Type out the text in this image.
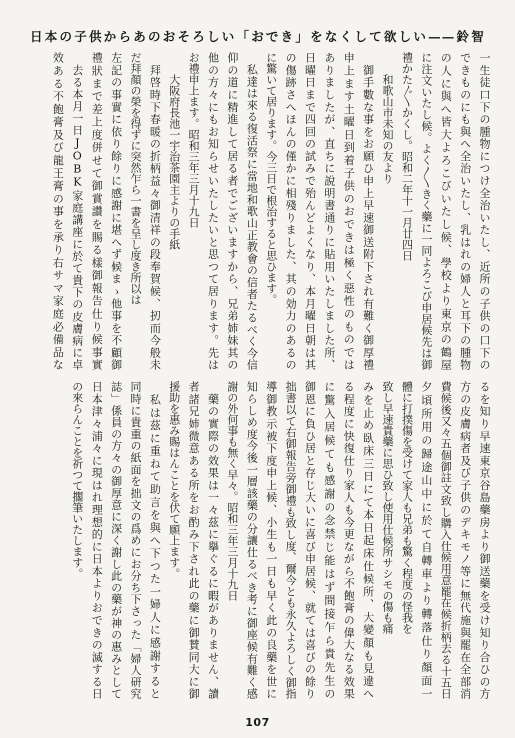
日本の子供からあのおそろしい「おでき」をなくして欲しい——鈴智
一生徒口下の腫物につけ全治いたし、近所の子供の口下の
できものにも與へ全治いたし、乳はれの婦人と耳下の腫物
の人に與へ皆大よろこびいたし候、學校より東京の鶴屋
に注文いたし候。よく〳〵きく藥に一同よろこび申居候先は御
禮かた〴〵かくし。昭和二年十一月廿四日
　　和歌山市未知の友より
　御手數な事をお願ひ申上早速御送附下され有難く御厚禮
申上ます土曜日到着子供のおできは極く惡性のものでは
ありましたが、直ちに說明書通りに貼用いたしました所、
日曜日まで四回の試みで殆んどよくなり、本月曜日朝は其
の傷跡さへほんの僅かに相殘りました、其の効力のあるの
に驚いて居ります。今三日で根治すると思ひます。
　私達は來る復活祭に當地和歌山正教會の信者たるべく今信
仰の道に精進して居る者でございますから、兄弟姉妹其の
他の方々にもお知らせいたしたいと思つて居ります。先は
お禮申上ます。昭和三年三月十九日
　　大阪府長池一宇治茶園主よりの手紙
　拜啓時下春暖の折柄益々御清祥の段奉賀候、扨而今般未
だ拜顏の榮を得ずに突然乍ら一書を呈し度き所以は
左記の事實に依り餘りに感謝に堪へず候まゝ他事を不顧御
禮狀まで差上度併せて御賞讚を賜る樣御報告仕り候事實
　去る本月一日JOBK家庭講座に於て貴下の皮膚病に卓
效ある不飽膏及び龍王膏の事を承り右サマ家庭必備品な
るを知り早速東京谷島藥房より御送藥を受け知り合ひの方
方の皮膚病者及び子供のデキモノ等に無代施與罷在全部消
費候後又々五個御註文致し購入仕候用意罷在候折柄去る十五日
夕頃所用の歸途山中に於て自轉車より轉落仕り顏面一
體に打撲傷を受けて家人も兄弟も驚く程度の怪我を
致し早速貴藥に思ひ致し使用仕候所サシモの傷も痛
みを止め臥床三日にて本日起床仕候所、大變顏も見違へ
る程度に快復仕り家人も今更ながら不飽膏の偉大なる效果
に驚入居候ても感謝の念禁じ能はず間接乍ら貴先生の
御恩に負ひ居と存じ大いに喜び申居候、就ては喜びの餘り
拙書以て右御報告旁御禮も致し度、爾今とも永久よろしく御指
導御教示被下度申上候、小生も一日も早く此の良藥を世に
知らしめ度今後一層該藥の分讓仕るべき考に御座候有難く感
謝の外何事も無く早々。昭和三年三月十九日
　藥の實際の效果は一々茲に擧ぐるに暇がありません、讀
者諸兄姉微意ある所をお酌み下され此の藥に御賛同大に御
援助を惠み賜はんことを伏て願上ます。
　私は茲に重ねて助言を與へ下つた一婦人に感謝すると
同時に貴重の紙面を拙文の爲めにお分ち下さった「婦人研究
誌」係員の方々の御厚意に深く謝し此の藥が神の惠みとして
日本津々浦々に現はれ理想的に日本よりおできの滅する日
の來らんことを祈つて擱筆いたします。
107
